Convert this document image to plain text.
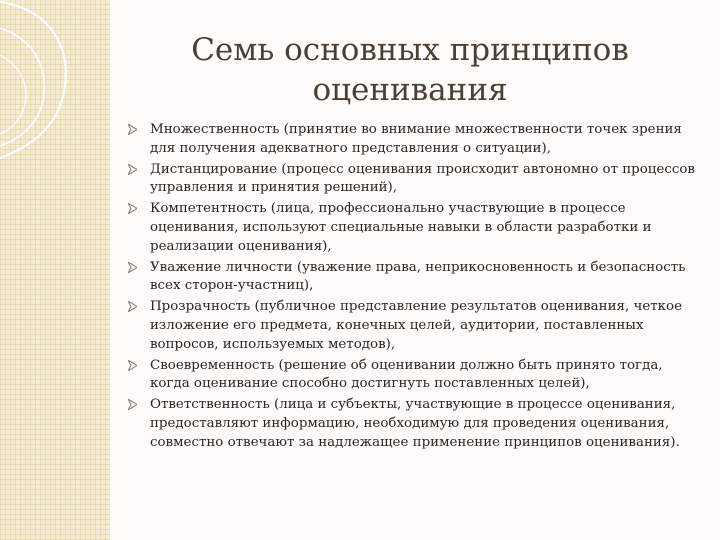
Семь основных принципов
оценивания
Множественность (принятие во внимание множественности точек зрения для получения адекватного представления о ситуации),
Дистанцирование (процесс оценивания происходит автономно от процессов управления и принятия решений),
Компетентность (лица, профессионально участвующие в процессе оценивания, используют специальные навыки в области разработки и реализации оценивания),
Уважение личности (уважение права, неприкосновенность и безопасность всех сторон-участниц),
Прозрачность (публичное представление результатов оценивания, четкое изложение его предмета, конечных целей, аудитории, поставленных вопросов, используемых методов),
Своевременность (решение об оценивании должно быть принято тогда, когда оценивание способно достигнуть поставленных целей),
Ответственность (лица и субъекты, участвующие в процессе оценивания, предоставляют информацию, необходимую для проведения оценивания, совместно отвечают за надлежащее применение принципов оценивания).
